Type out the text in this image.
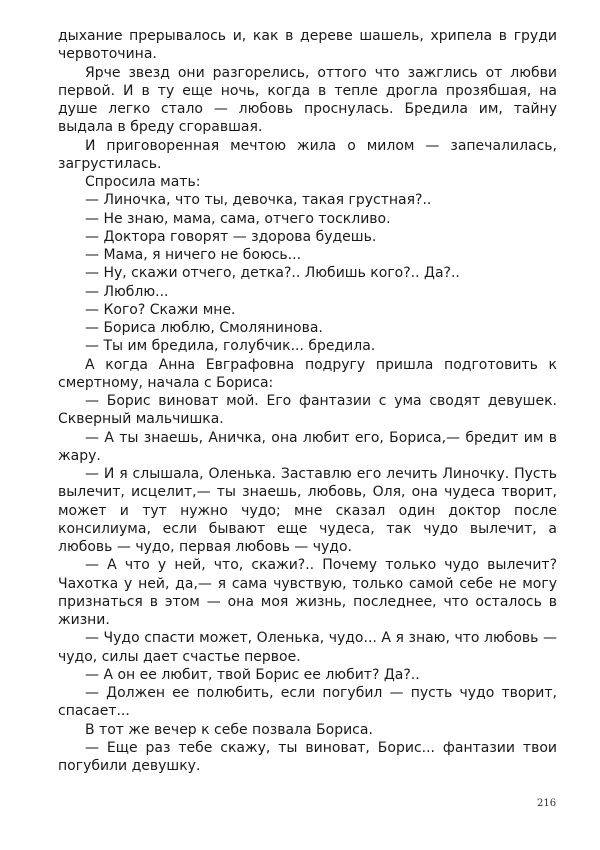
дыхание прерывалось и, как в дереве шашель, хрипела в груди червоточина.

Ярче звезд они разгорелись, оттого что зажглись от любви первой. И в ту еще ночь, когда в тепле дрогла прозябшая, на душе легко стало — любовь проснулась. Бредила им, тайну выдала в бреду сгоравшая.

И приговоренная мечтою жила о милом — запечалилась, загрустилась.

Спросила мать:

— Линочка, что ты, девочка, такая грустная?..

— Не знаю, мама, сама, отчего тоскливо.

— Доктора говорят — здорова будешь.

— Мама, я ничего не боюсь...

— Ну, скажи отчего, детка?.. Любишь кого?.. Да?..

— Люблю...

— Кого? Скажи мне.

— Бориса люблю, Смолянинова.

— Ты им бредила, голубчик... бредила.

А когда Анна Евграфовна подругу пришла подготовить к смертному, начала с Бориса:

— Борис виноват мой. Его фантазии с ума сводят девушек. Скверный мальчишка.

— А ты знаешь, Аничка, она любит его, Бориса,— бредит им в жару.

— И я слышала, Оленька. Заставлю его лечить Линочку. Пусть вылечит, исцелит,— ты знаешь, любовь, Оля, она чудеса творит, может и тут нужно чудо; мне сказал один доктор после консилиума, если бывают еще чудеса, так чудо вылечит, а любовь — чудо, первая любовь — чудо.

— А что у ней, что, скажи?.. Почему только чудо вылечит? Чахотка у ней, да,— я сама чувствую, только самой себе не могу признаться в этом — она моя жизнь, последнее, что осталось в жизни.

— Чудо спасти может, Оленька, чудо... А я знаю, что любовь — чудо, силы дает счастье первое.

— А он ее любит, твой Борис ее любит? Да?..

— Должен ее полюбить, если погубил — пусть чудо творит, спасает...

В тот же вечер к себе позвала Бориса.

— Еще раз тебе скажу, ты виноват, Борис... фантазии твои погубили девушку.

216
